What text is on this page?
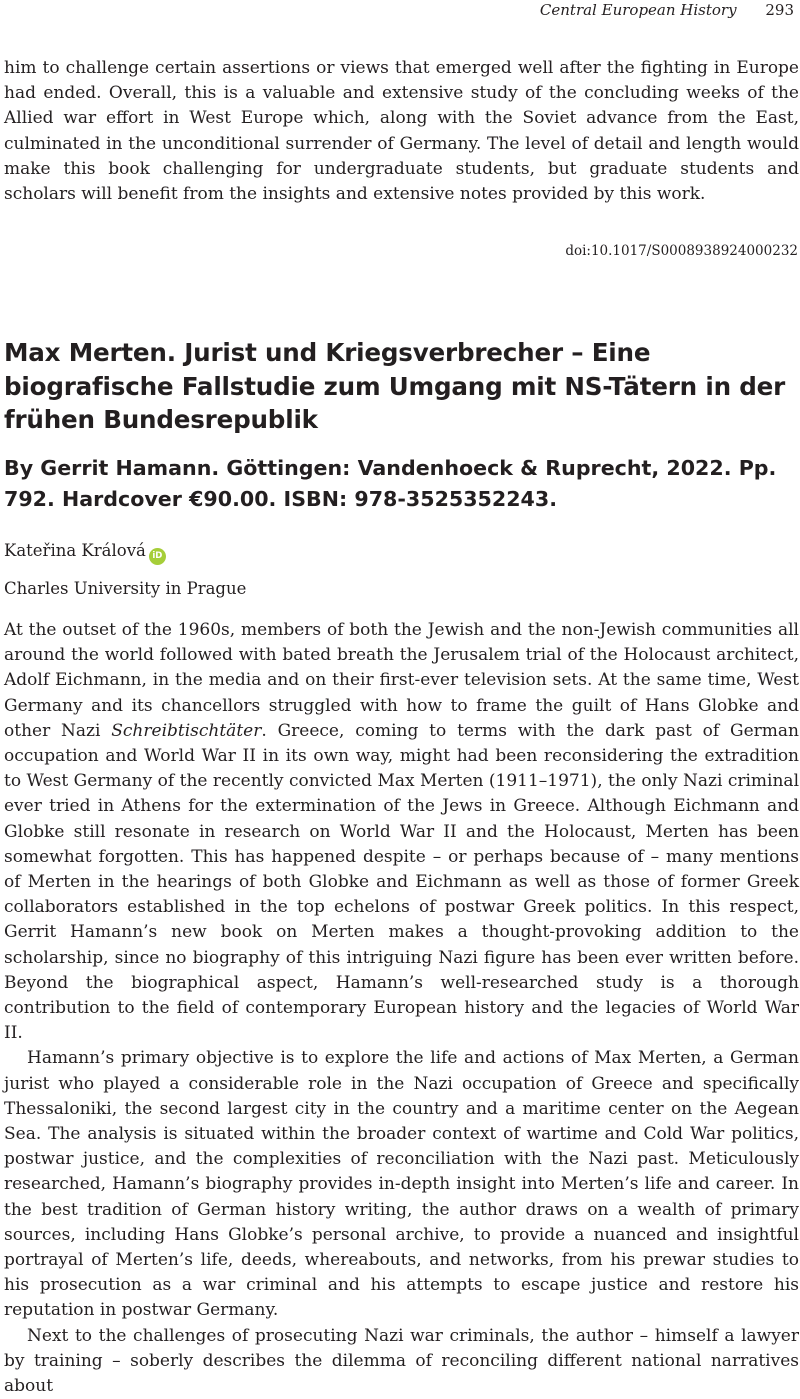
Central European History 293

him to challenge certain assertions or views that emerged well after the fighting in Europe had ended. Overall, this is a valuable and extensive study of the concluding weeks of the Allied war effort in West Europe which, along with the Soviet advance from the East, culminated in the unconditional surrender of Germany. The level of detail and length would make this book challenging for undergraduate students, but graduate students and scholars will benefit from the insights and extensive notes provided by this work.

doi:10.1017/S0008938924000232
Max Merten. Jurist und Kriegsverbrecher – Eine biografische Fallstudie zum Umgang mit NS-Tätern in der frühen Bundesrepublik

By Gerrit Hamann. Göttingen: Vandenhoeck & Ruprecht, 2022. Pp. 792. Hardcover €90.00. ISBN: 978-3525352243.

Kateřina Králová iD
Charles University in Prague
At the outset of the 1960s, members of both the Jewish and the non-Jewish communities all around the world followed with bated breath the Jerusalem trial of the Holocaust architect, Adolf Eichmann, in the media and on their first-ever television sets. At the same time, West Germany and its chancellors struggled with how to frame the guilt of Hans Globke and other Nazi Schreibtischtäter. Greece, coming to terms with the dark past of German occupation and World War II in its own way, might had been reconsidering the extradition to West Germany of the recently convicted Max Merten (1911–1971), the only Nazi criminal ever tried in Athens for the extermination of the Jews in Greece. Although Eichmann and Globke still resonate in research on World War II and the Holocaust, Merten has been somewhat forgotten. This has happened despite – or perhaps because of – many mentions of Merten in the hearings of both Globke and Eichmann as well as those of former Greek collaborators established in the top echelons of postwar Greek politics. In this respect, Gerrit Hamann’s new book on Merten makes a thought-provoking addition to the scholarship, since no biography of this intriguing Nazi figure has been ever written before. Beyond the biographical aspect, Hamann’s well-researched study is a thorough contribution to the field of contemporary European history and the legacies of World War II.
Hamann’s primary objective is to explore the life and actions of Max Merten, a German jurist who played a considerable role in the Nazi occupation of Greece and specifically Thessaloniki, the second largest city in the country and a maritime center on the Aegean Sea. The analysis is situated within the broader context of wartime and Cold War politics, postwar justice, and the complexities of reconciliation with the Nazi past. Meticulously researched, Hamann’s biography provides in-depth insight into Merten’s life and career. In the best tradition of German history writing, the author draws on a wealth of primary sources, including Hans Globke’s personal archive, to provide a nuanced and insightful portrayal of Merten’s life, deeds, whereabouts, and networks, from his prewar studies to his prosecution as a war criminal and his attempts to escape justice and restore his reputation in postwar Germany.
Next to the challenges of prosecuting Nazi war criminals, the author – himself a lawyer by training – soberly describes the dilemma of reconciling different national narratives about
